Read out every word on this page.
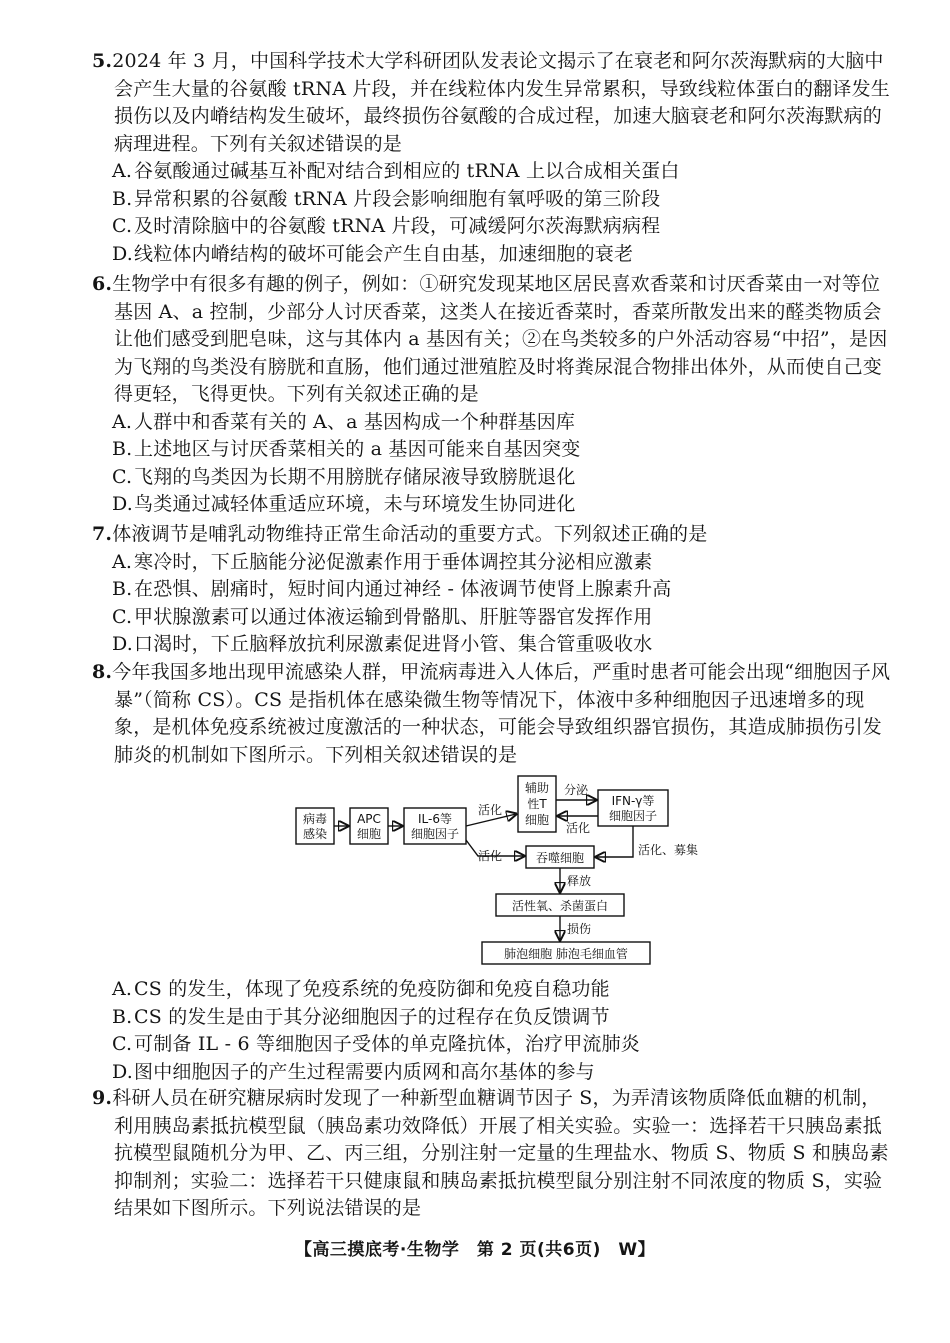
5.2024 年 3 月，中国科学技术大学科研团队发表论文揭示了在衰老和阿尔茨海默病的大脑中会产生大量的谷氨酸 tRNA 片段，并在线粒体内发生异常累积，导致线粒体蛋白的翻译发生损伤以及内嵴结构发生破坏，最终损伤谷氨酸的合成过程，加速大脑衰老和阿尔茨海默病的病理进程。下列有关叙述错误的是

A.谷氨酸通过碱基互补配对结合到相应的 tRNA 上以合成相关蛋白

B.异常积累的谷氨酸 tRNA 片段会影响细胞有氧呼吸的第三阶段

C.及时清除脑中的谷氨酸 tRNA 片段，可减缓阿尔茨海默病病程

D.线粒体内嵴结构的破坏可能会产生自由基，加速细胞的衰老

6.生物学中有很多有趣的例子，例如：①研究发现某地区居民喜欢香菜和讨厌香菜由一对等位基因 A、a 控制，少部分人讨厌香菜，这类人在接近香菜时，香菜所散发出来的醛类物质会让他们感受到肥皂味，这与其体内 a 基因有关；②在鸟类较多的户外活动容易“中招”，是因为飞翔的鸟类没有膀胱和直肠，他们通过泄殖腔及时将粪尿混合物排出体外，从而使自己变得更轻，飞得更快。下列有关叙述正确的是

A.人群中和香菜有关的 A、a 基因构成一个种群基因库

B.上述地区与讨厌香菜相关的 a 基因可能来自基因突变

C.飞翔的鸟类因为长期不用膀胱存储尿液导致膀胱退化

D.鸟类通过减轻体重适应环境，未与环境发生协同进化

7.体液调节是哺乳动物维持正常生命活动的重要方式。下列叙述正确的是

A.寒冷时，下丘脑能分泌促激素作用于垂体调控其分泌相应激素

B.在恐惧、剧痛时，短时间内通过神经 - 体液调节使肾上腺素升高

C.甲状腺激素可以通过体液运输到骨骼肌、肝脏等器官发挥作用

D.口渴时，下丘脑释放抗利尿激素促进肾小管、集合管重吸收水

8.今年我国多地出现甲流感染人群，甲流病毒进入人体后，严重时患者可能会出现“细胞因子风暴”（简称 CS）。CS 是指机体在感染微生物等情况下，体液中多种细胞因子迅速增多的现象，是机体免疫系统被过度激活的一种状态，可能会导致组织器官损伤，其造成肺损伤引发肺炎的机制如下图所示。下列相关叙述错误的是

病毒
感染
APC
细胞
IL-6等
细胞因子
辅助
性T
细胞
IFN-γ等
细胞因子
吞噬细胞
活性氧、杀菌蛋白
肺泡细胞 肺泡毛细血管
活化
分泌
活化
活化	活化、募集
释放
损伤

A.CS 的发生，体现了免疫系统的免疫防御和免疫自稳功能

B.CS 的发生是由于其分泌细胞因子的过程存在负反馈调节

C.可制备 IL - 6 等细胞因子受体的单克隆抗体，治疗甲流肺炎

D.图中细胞因子的产生过程需要内质网和高尔基体的参与

9.科研人员在研究糖尿病时发现了一种新型血糖调节因子 S，为弄清该物质降低血糖的机制，利用胰岛素抵抗模型鼠（胰岛素功效降低）开展了相关实验。实验一：选择若干只胰岛素抵抗模型鼠随机分为甲、乙、丙三组，分别注射一定量的生理盐水、物质 S、物质 S 和胰岛素抑制剂；实验二：选择若干只健康鼠和胰岛素抵抗模型鼠分别注射不同浓度的物质 S，实验结果如下图所示。下列说法错误的是

【高三摸底考·生物学　第 2 页(共6页)　W】
